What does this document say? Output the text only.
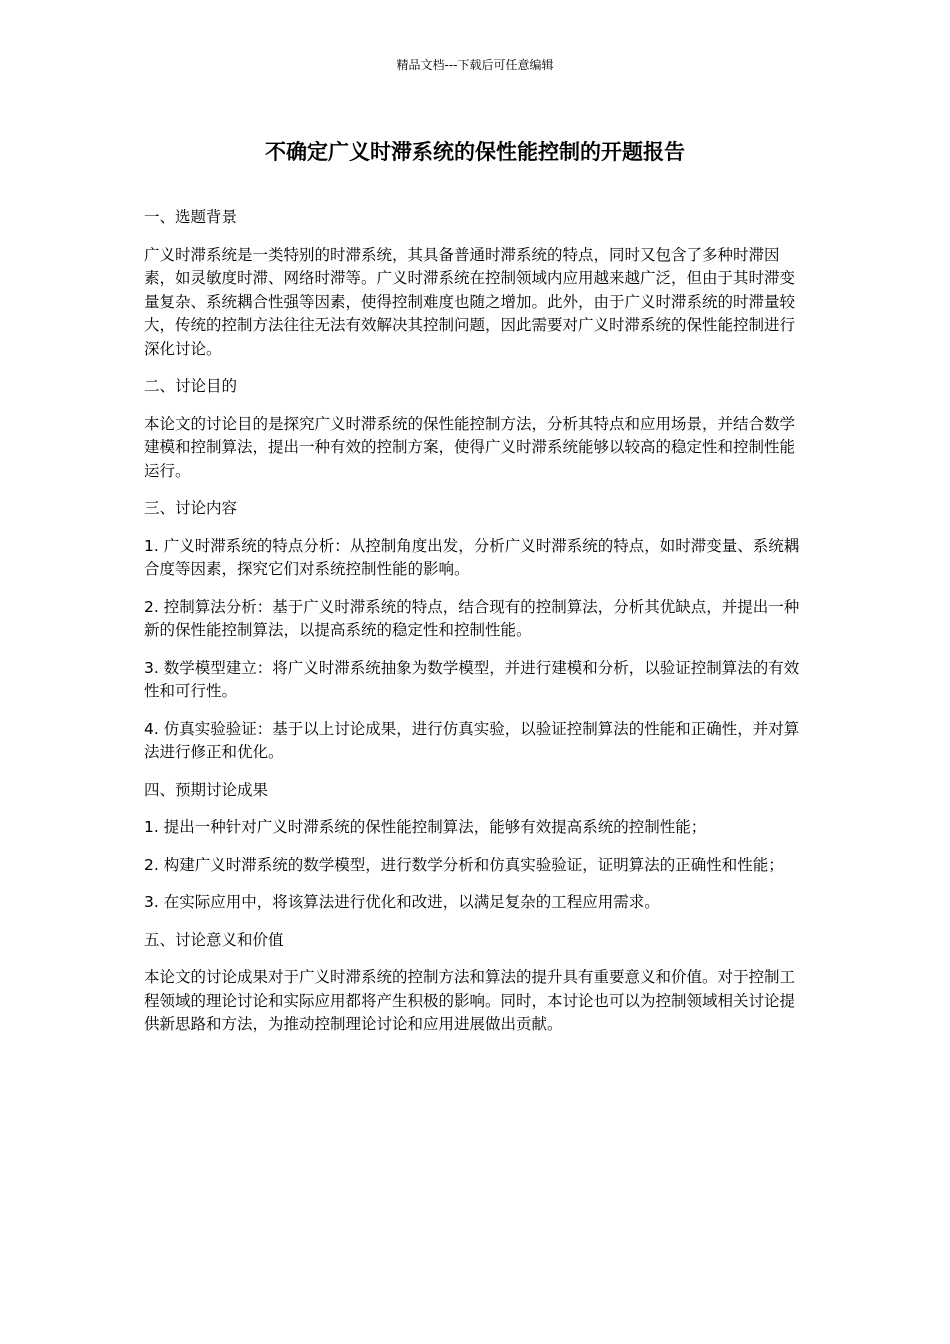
精品文档---下载后可任意编辑
不确定广义时滞系统的保性能控制的开题报告

一、选题背景

广义时滞系统是一类特别的时滞系统，其具备普通时滞系统的特点，同时又包含了多种时滞因素，如灵敏度时滞、网络时滞等。广义时滞系统在控制领域内应用越来越广泛，但由于其时滞变量复杂、系统耦合性强等因素，使得控制难度也随之增加。此外，由于广义时滞系统的时滞量较大，传统的控制方法往往无法有效解决其控制问题，因此需要对广义时滞系统的保性能控制进行深化讨论。

二、讨论目的

本论文的讨论目的是探究广义时滞系统的保性能控制方法，分析其特点和应用场景，并结合数学建模和控制算法，提出一种有效的控制方案，使得广义时滞系统能够以较高的稳定性和控制性能运行。

三、讨论内容

1. 广义时滞系统的特点分析：从控制角度出发，分析广义时滞系统的特点，如时滞变量、系统耦合度等因素，探究它们对系统控制性能的影响。

2. 控制算法分析：基于广义时滞系统的特点，结合现有的控制算法，分析其优缺点，并提出一种新的保性能控制算法，以提高系统的稳定性和控制性能。

3. 数学模型建立：将广义时滞系统抽象为数学模型，并进行建模和分析，以验证控制算法的有效性和可行性。

4. 仿真实验验证：基于以上讨论成果，进行仿真实验，以验证控制算法的性能和正确性，并对算法进行修正和优化。

四、预期讨论成果

1. 提出一种针对广义时滞系统的保性能控制算法，能够有效提高系统的控制性能；

2. 构建广义时滞系统的数学模型，进行数学分析和仿真实验验证，证明算法的正确性和性能；

3. 在实际应用中，将该算法进行优化和改进，以满足复杂的工程应用需求。

五、讨论意义和价值

本论文的讨论成果对于广义时滞系统的控制方法和算法的提升具有重要意义和价值。对于控制工程领域的理论讨论和实际应用都将产生积极的影响。同时，本讨论也可以为控制领域相关讨论提供新思路和方法，为推动控制理论讨论和应用进展做出贡献。
